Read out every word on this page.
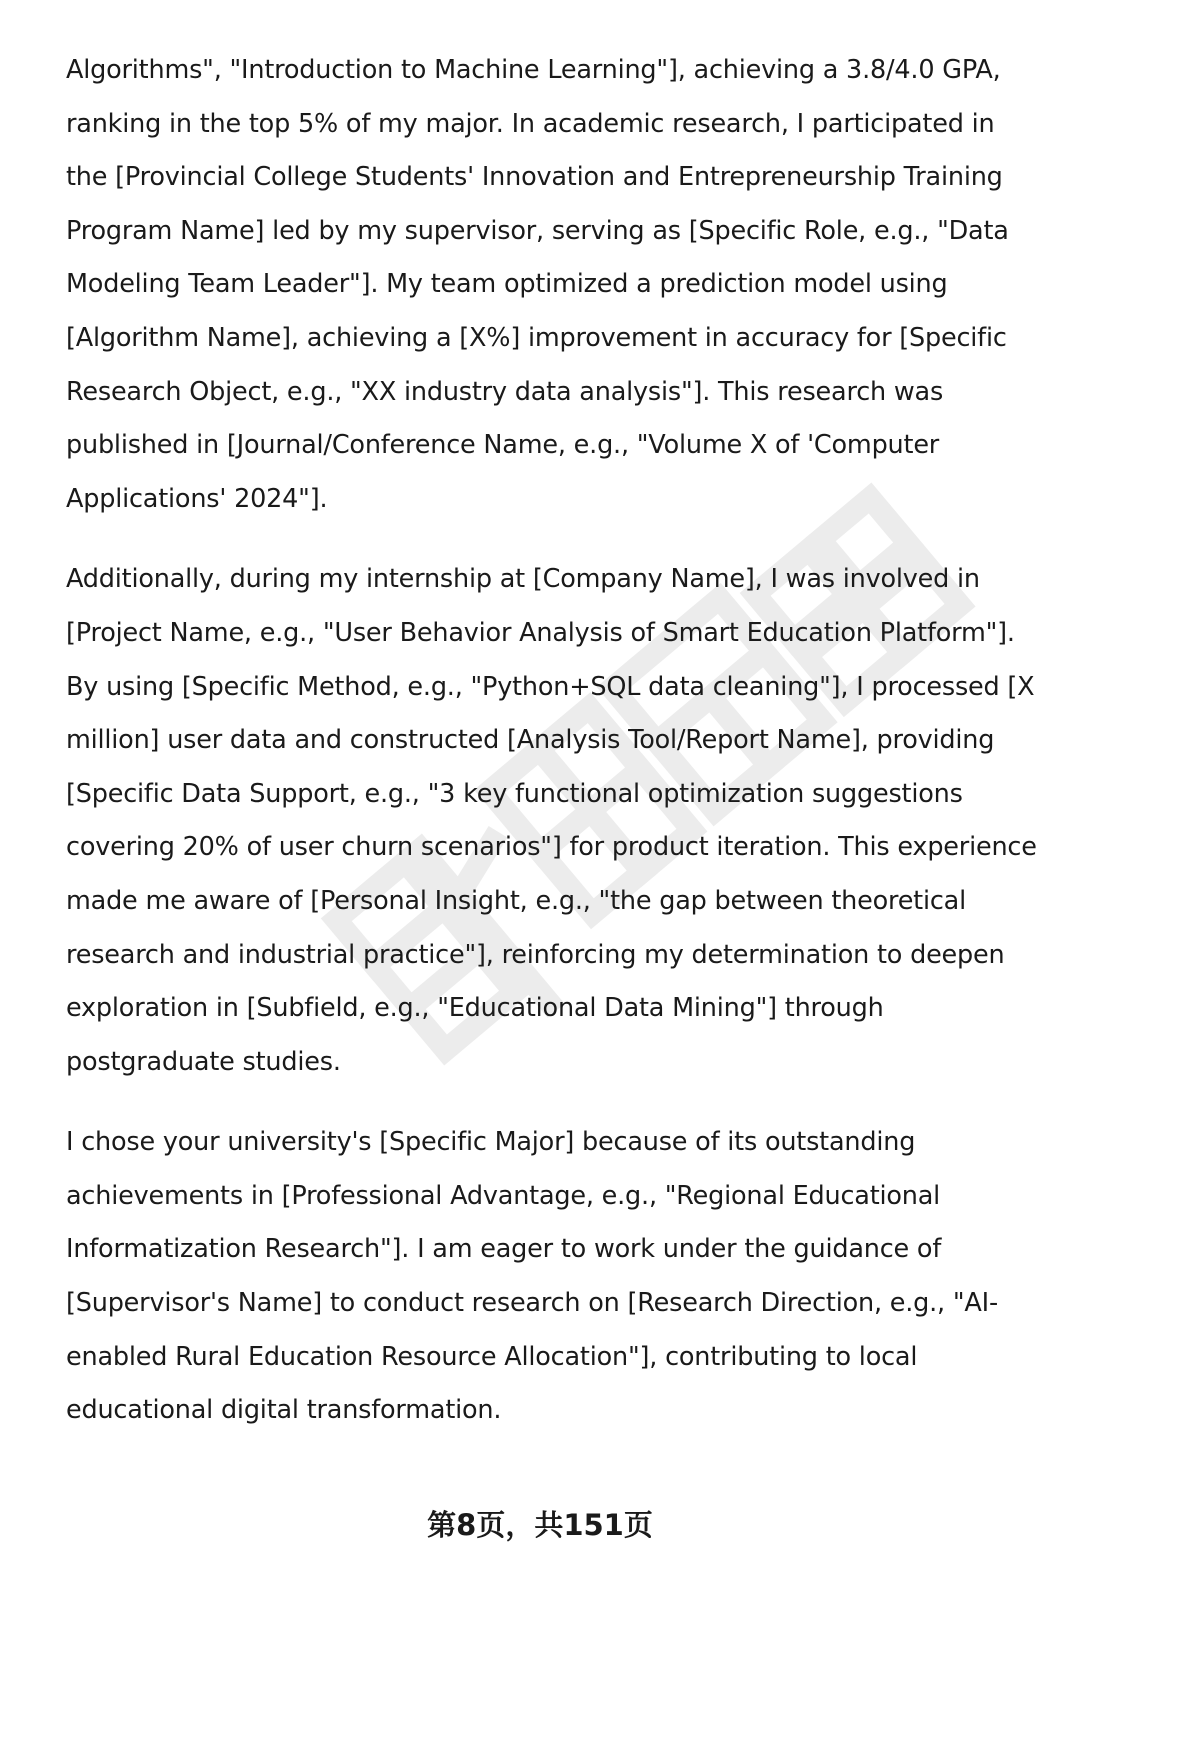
Algorithms", "Introduction to Machine Learning"], achieving a 3.8/4.0 GPA, ranking in the top 5% of my major. In academic research, I participated in the [Provincial College Students' Innovation and Entrepreneurship Training Program Name] led by my supervisor, serving as [Specific Role, e.g., "Data Modeling Team Leader"]. My team optimized a prediction model using [Algorithm Name], achieving a [X%] improvement in accuracy for [Specific Research Object, e.g., "XX industry data analysis"]. This research was published in [Journal/Conference Name, e.g., "Volume X of 'Computer Applications' 2024"].

Additionally, during my internship at [Company Name], I was involved in [Project Name, e.g., "User Behavior Analysis of Smart Education Platform"]. By using [Specific Method, e.g., "Python+SQL data cleaning"], I processed [X million] user data and constructed [Analysis Tool/Report Name], providing [Specific Data Support, e.g., "3 key functional optimization suggestions covering 20% of user churn scenarios"] for product iteration. This experience made me aware of [Personal Insight, e.g., "the gap between theoretical research and industrial practice"], reinforcing my determination to deepen exploration in [Subfield, e.g., "Educational Data Mining"] through postgraduate studies.

I chose your university's [Specific Major] because of its outstanding achievements in [Professional Advantage, e.g., "Regional Educational Informatization Research"]. I am eager to work under the guidance of [Supervisor's Name] to conduct research on [Research Direction, e.g., "AI-enabled Rural Education Resource Allocation"], contributing to local educational digital transformation.

第8页，共151页
